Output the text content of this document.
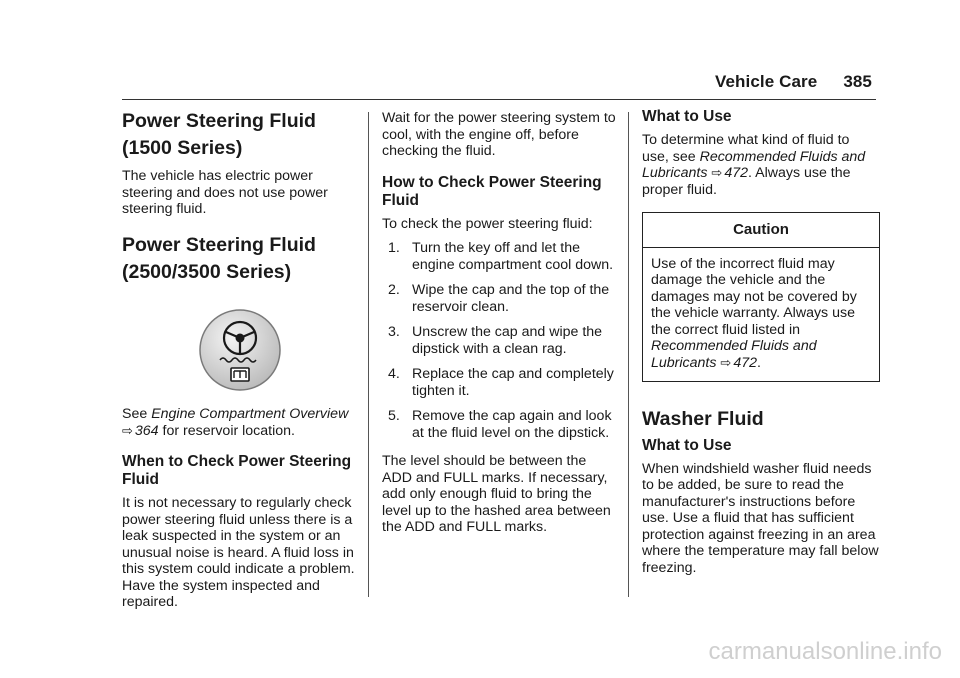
Vehicle Care 385
Power Steering Fluid (1500 Series)

The vehicle has electric power steering and does not use power steering fluid.

Power Steering Fluid (2500/3500 Series)

See Engine Compartment Overview
⇨ 364 for reservoir location.

When to Check Power Steering Fluid

It is not necessary to regularly check power steering fluid unless there is a leak suspected in the system or an unusual noise is heard. A fluid loss in this system could indicate a problem. Have the system inspected and repaired.

Wait for the power steering system to cool, with the engine off, before checking the fluid.

How to Check Power Steering Fluid

To check the power steering fluid:

1. Turn the key off and let the engine compartment cool down.
2. Wipe the cap and the top of the reservoir clean.
3. Unscrew the cap and wipe the dipstick with a clean rag.
4. Replace the cap and completely tighten it.
5. Remove the cap again and look at the fluid level on the dipstick.

The level should be between the ADD and FULL marks. If necessary, add only enough fluid to bring the level up to the hashed area between the ADD and FULL marks.

What to Use

To determine what kind of fluid to use, see Recommended Fluids and Lubricants ⇨ 472. Always use the proper fluid.

Caution
Use of the incorrect fluid may damage the vehicle and the damages may not be covered by the vehicle warranty. Always use the correct fluid listed in Recommended Fluids and Lubricants ⇨ 472.
Washer Fluid
What to Use

When windshield washer fluid needs to be added, be sure to read the manufacturer's instructions before use. Use a fluid that has sufficient protection against freezing in an area where the temperature may fall below freezing.

carmanualsonline.info
